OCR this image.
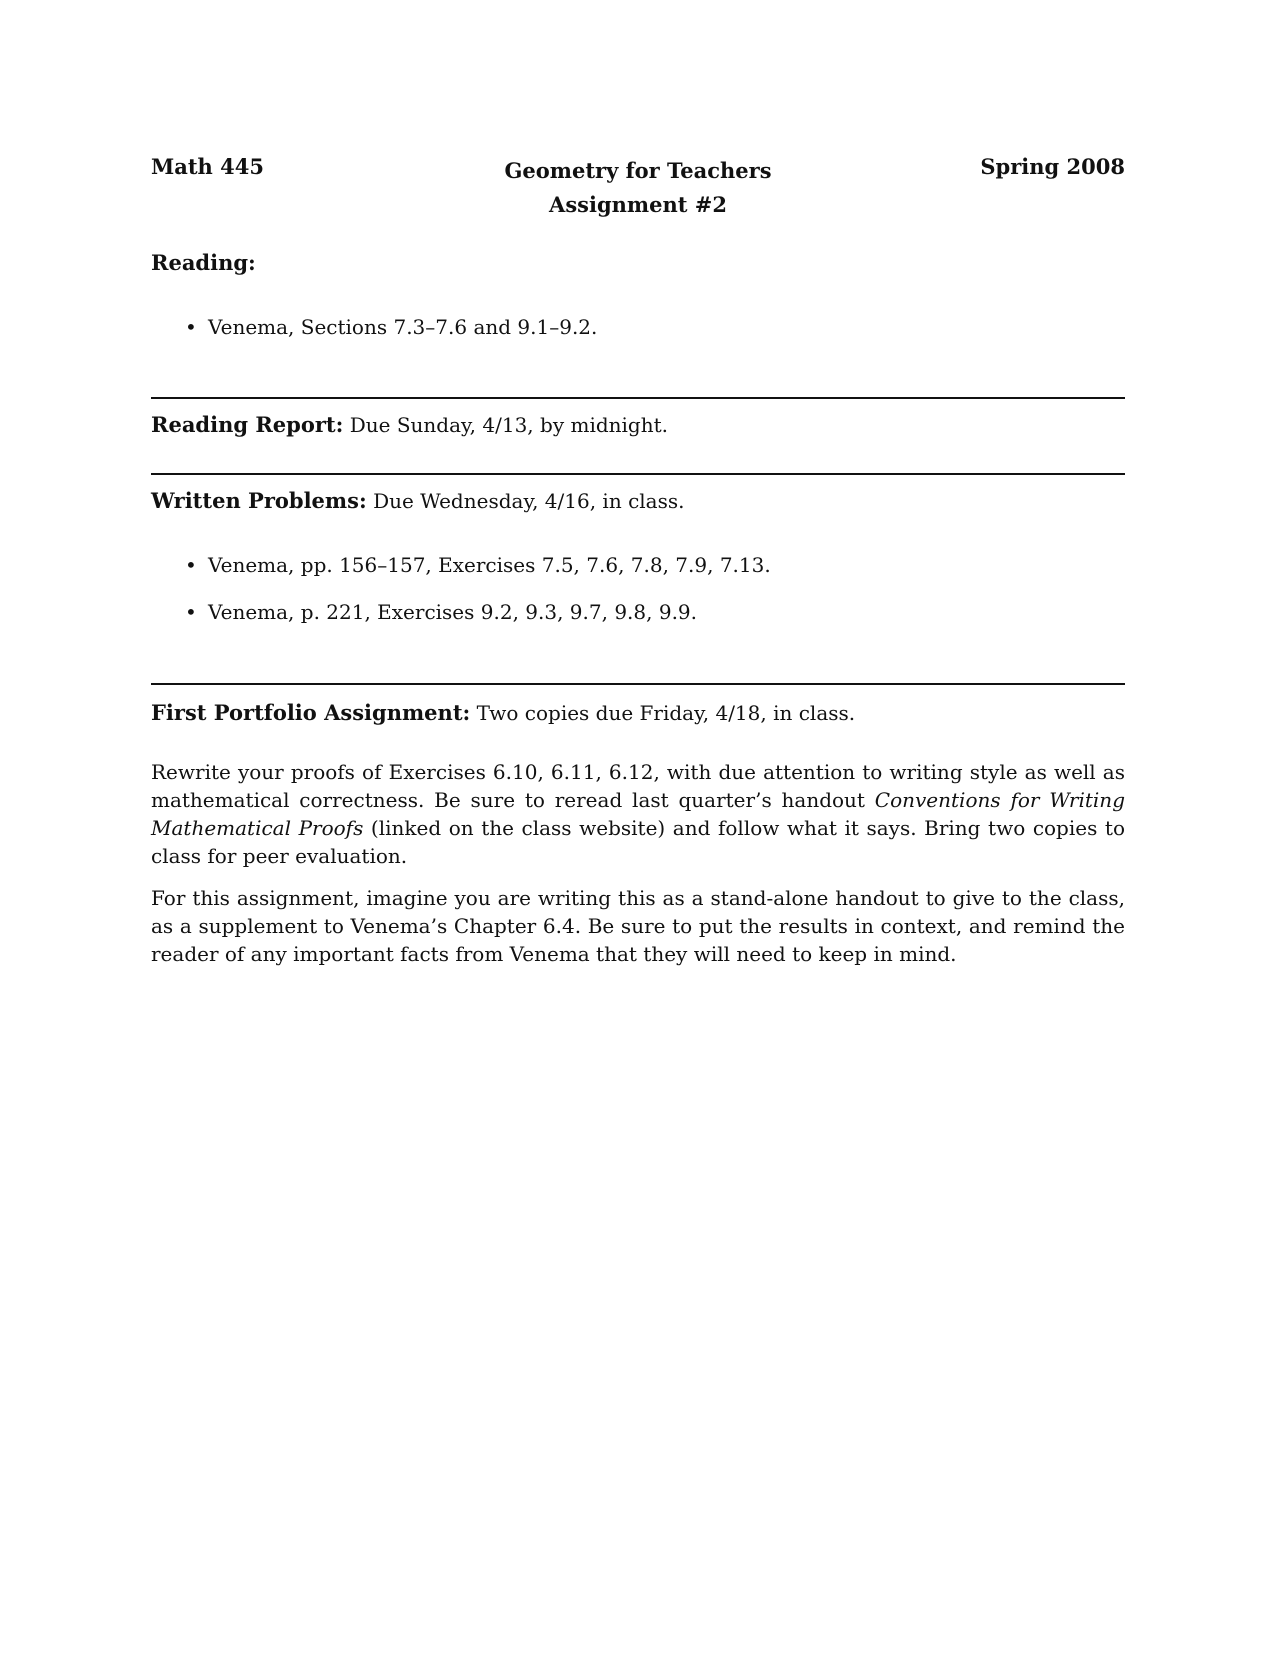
Math 445	Geometry for Teachers
Assignment #2
Spring 2008
Reading:
• Venema, Sections 7.3–7.6 and 9.1–9.2.
Reading Report: Due Sunday, 4/13, by midnight.
Written Problems: Due Wednesday, 4/16, in class.
• Venema, pp. 156–157, Exercises 7.5, 7.6, 7.8, 7.9, 7.13.
• Venema, p. 221, Exercises 9.2, 9.3, 9.7, 9.8, 9.9.
First Portfolio Assignment: Two copies due Friday, 4/18, in class.

Rewrite your proofs of Exercises 6.10, 6.11, 6.12, with due attention to writing style as well as mathematical correctness. Be sure to reread last quarter’s handout Conventions for Writing Mathematical Proofs (linked on the class website) and follow what it says. Bring two copies to class for peer evaluation.

For this assignment, imagine you are writing this as a stand-alone handout to give to the class, as a supplement to Venema’s Chapter 6.4. Be sure to put the results in context, and remind the reader of any important facts from Venema that they will need to keep in mind.
